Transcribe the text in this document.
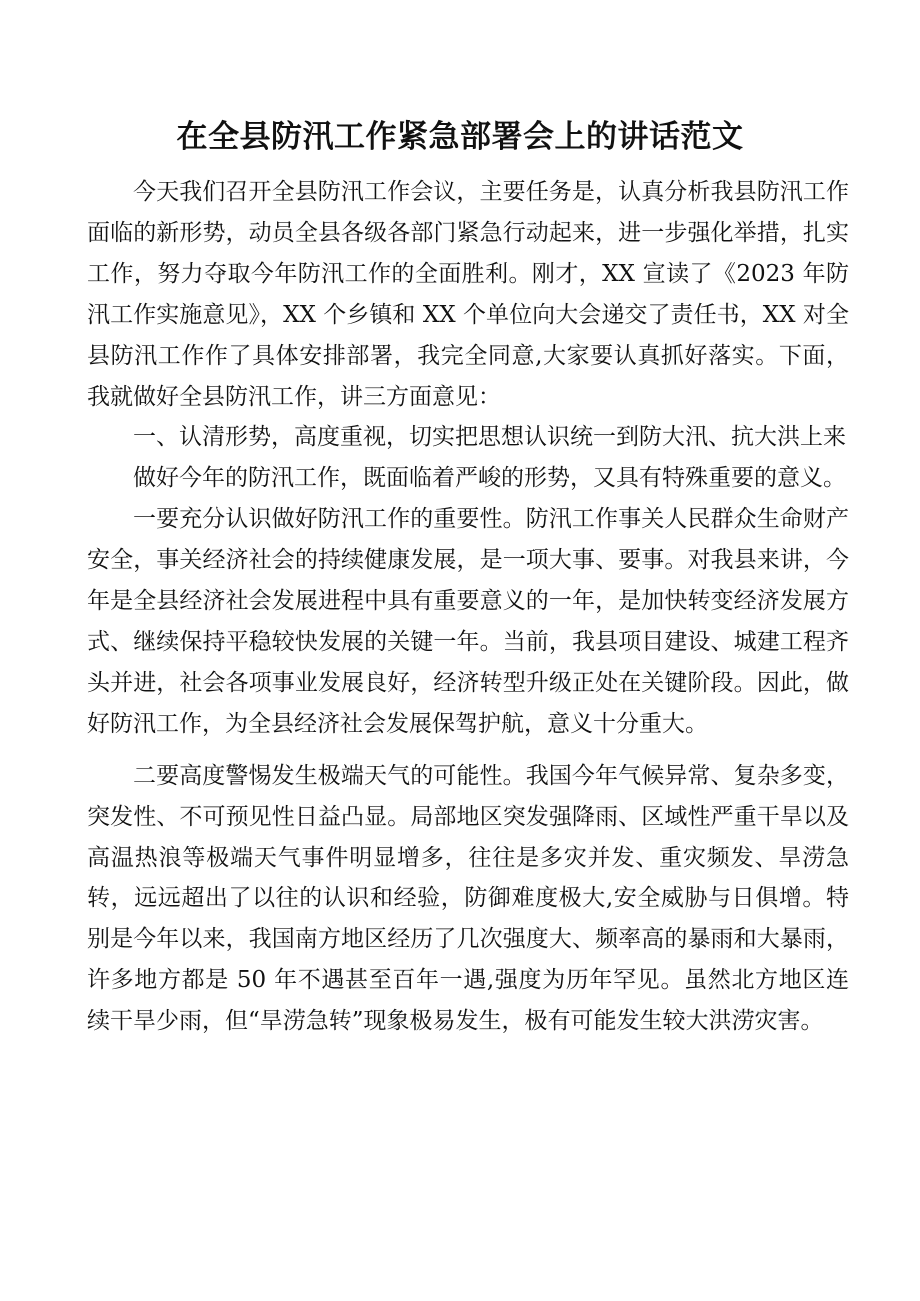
在全县防汛工作紧急部署会上的讲话范文

今天我们召开全县防汛工作会议，主要任务是，认真分析我县防汛工作面临的新形势，动员全县各级各部门紧急行动起来，进一步强化举措，扎实工作，努力夺取今年防汛工作的全面胜利。刚才，XX 宣读了《2023 年防汛工作实施意见》，XX 个乡镇和 XX 个单位向大会递交了责任书，XX 对全县防汛工作作了具体安排部署，我完全同意,大家要认真抓好落实。下面，我就做好全县防汛工作，讲三方面意见：

一、认清形势，高度重视，切实把思想认识统一到防大汛、抗大洪上来

做好今年的防汛工作，既面临着严峻的形势，又具有特殊重要的意义。

一要充分认识做好防汛工作的重要性。防汛工作事关人民群众生命财产安全，事关经济社会的持续健康发展，是一项大事、要事。对我县来讲，今年是全县经济社会发展进程中具有重要意义的一年，是加快转变经济发展方式、继续保持平稳较快发展的关键一年。当前，我县项目建设、城建工程齐头并进，社会各项事业发展良好，经济转型升级正处在关键阶段。因此，做好防汛工作，为全县经济社会发展保驾护航，意义十分重大。

二要高度警惕发生极端天气的可能性。我国今年气候异常、复杂多变，突发性、不可预见性日益凸显。局部地区突发强降雨、区域性严重干旱以及高温热浪等极端天气事件明显增多，往往是多灾并发、重灾频发、旱涝急转，远远超出了以往的认识和经验，防御难度极大,安全威胁与日俱增。特别是今年以来，我国南方地区经历了几次强度大、频率高的暴雨和大暴雨，许多地方都是 50 年不遇甚至百年一遇,强度为历年罕见。虽然北方地区连续干旱少雨，但“旱涝急转”现象极易发生，极有可能发生较大洪涝灾害。
